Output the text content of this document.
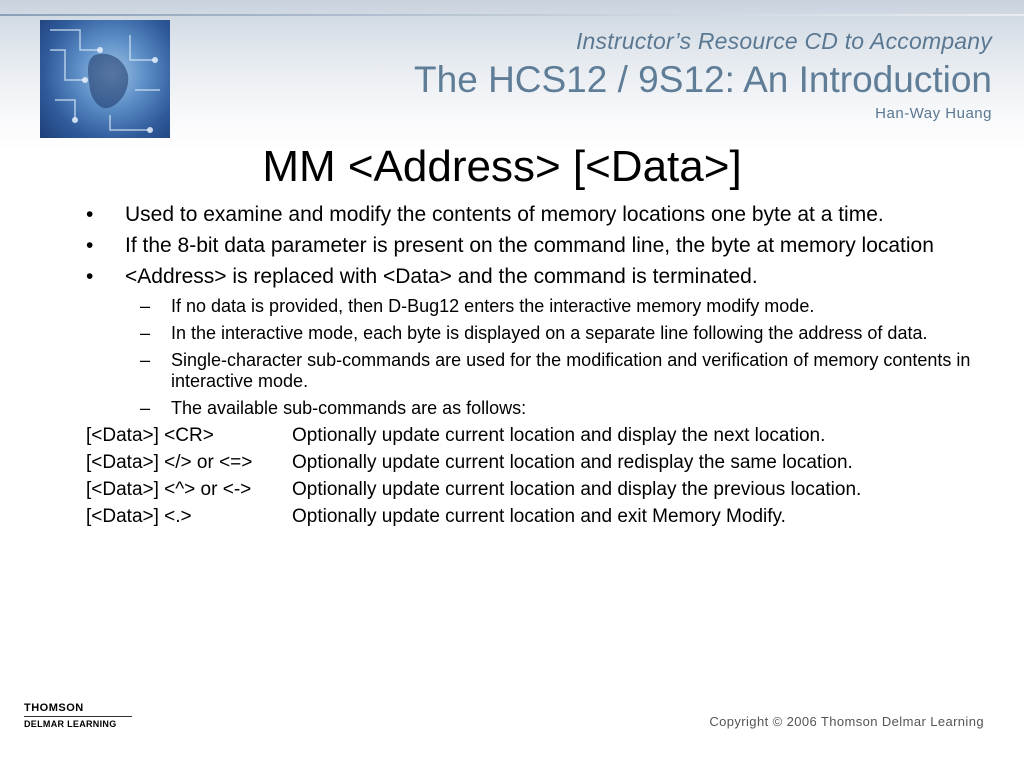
Instructor’s Resource CD to Accompany
The HCS12 / 9S12: An Introduction
Han-Way Huang
MM <Address> [<Data>]
• Used to examine and modify the contents of memory locations one byte at a time.
• If the 8-bit data parameter is present on the command line, the byte at memory location
• <Address> is replaced with <Data> and the command is terminated.
– If no data is provided, then D-Bug12 enters the interactive memory modify mode.
– In the interactive mode, each byte is displayed on a separate line following the address of data.
– Single-character sub-commands are used for the modification and verification of memory contents in interactive mode.
– The available sub-commands are as follows:
[<Data>] <CR>	Optionally update current location and display the next location.
[<Data>] </> or <=>	Optionally update current location and redisplay the same location.
[<Data>] <^> or <->	Optionally update current location and display the previous location.
[<Data>] <.>	Optionally update current location and exit Memory Modify.
THOMSON
DELMAR LEARNING	Copyright © 2006 Thomson Delmar Learning
